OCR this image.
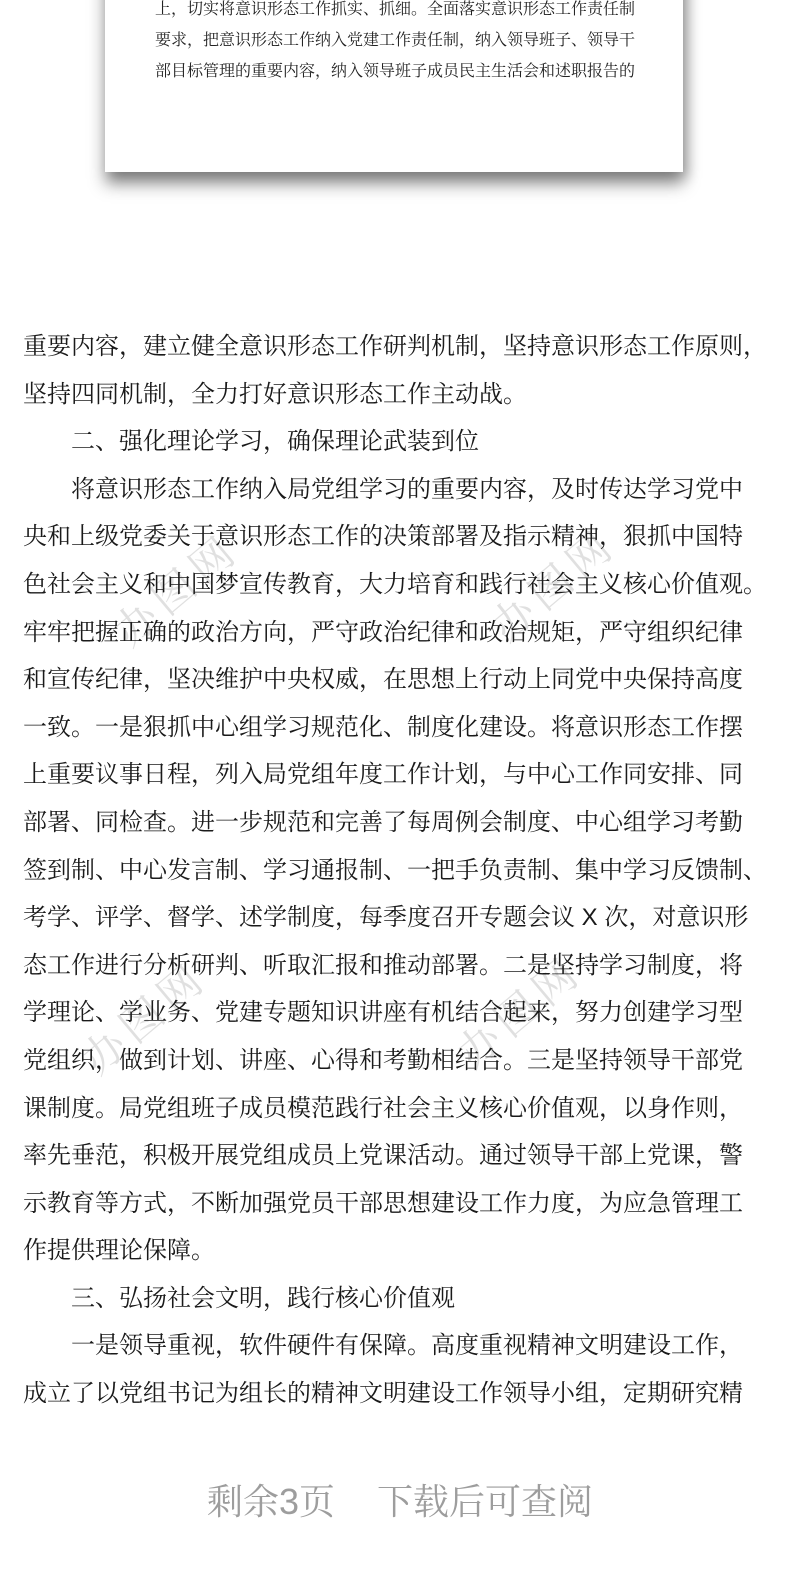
办图网	办图网
办图网	办图网
上，切实将意识形态工作抓实、抓细。全面落实意识形态工作责任制
要求，把意识形态工作纳入党建工作责任制，纳入领导班子、领导干
部目标管理的重要内容，纳入领导班子成员民主生活会和述职报告的
重要内容，建立健全意识形态工作研判机制，坚持意识形态工作原则，
坚持四同机制，全力打好意识形态工作主动战。
　　二、强化理论学习，确保理论武装到位
　　将意识形态工作纳入局党组学习的重要内容，及时传达学习党中
央和上级党委关于意识形态工作的决策部署及指示精神，狠抓中国特
色社会主义和中国梦宣传教育，大力培育和践行社会主义核心价值观。
牢牢把握正确的政治方向，严守政治纪律和政治规矩，严守组织纪律
和宣传纪律，坚决维护中央权威，在思想上行动上同党中央保持高度
一致。一是狠抓中心组学习规范化、制度化建设。将意识形态工作摆
上重要议事日程，列入局党组年度工作计划，与中心工作同安排、同
部署、同检查。进一步规范和完善了每周例会制度、中心组学习考勤
签到制、中心发言制、学习通报制、一把手负责制、集中学习反馈制、
考学、评学、督学、述学制度，每季度召开专题会议 X 次，对意识形
态工作进行分析研判、听取汇报和推动部署。二是坚持学习制度，将
学理论、学业务、党建专题知识讲座有机结合起来，努力创建学习型
党组织，做到计划、讲座、心得和考勤相结合。三是坚持领导干部党
课制度。局党组班子成员模范践行社会主义核心价值观，以身作则，
率先垂范，积极开展党组成员上党课活动。通过领导干部上党课，警
示教育等方式，不断加强党员干部思想建设工作力度，为应急管理工
作提供理论保障。
　　三、弘扬社会文明，践行核心价值观
　　一是领导重视，软件硬件有保障。高度重视精神文明建设工作，
成立了以党组书记为组长的精神文明建设工作领导小组，定期研究精
剩余3页 下载后可查阅
